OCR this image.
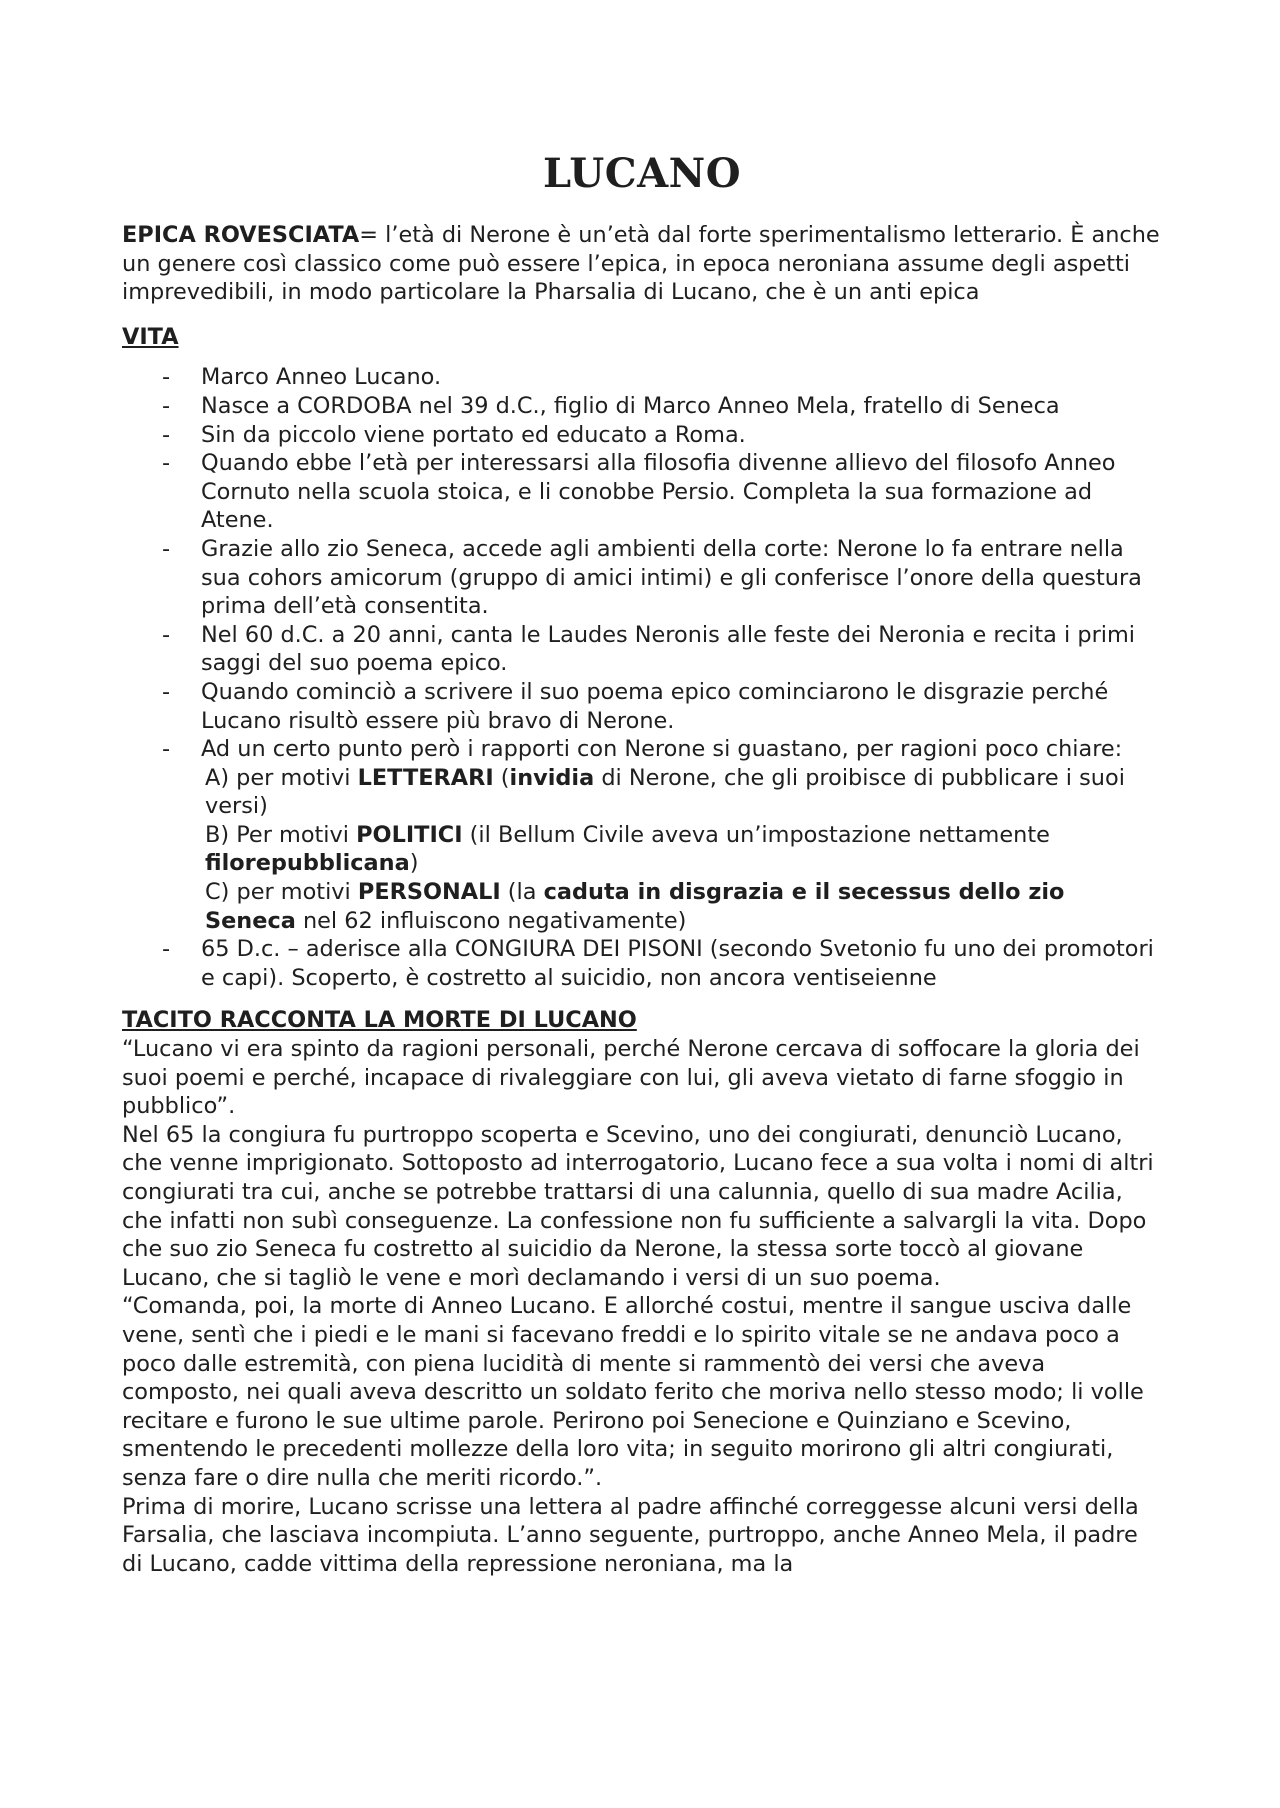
LUCANO

EPICA ROVESCIATA= l’età di Nerone è un’età dal forte sperimentalismo letterario. È anche un genere così classico come può essere l’epica, in epoca neroniana assume degli aspetti imprevedibili, in modo particolare la Pharsalia di Lucano, che è un anti epica

VITA
- Marco Anneo Lucano.
- Nasce a CORDOBA nel 39 d.C., figlio di Marco Anneo Mela, fratello di Seneca
- Sin da piccolo viene portato ed educato a Roma.
- Quando ebbe l’età per interessarsi alla filosofia divenne allievo del filosofo Anneo Cornuto nella scuola stoica, e li conobbe Persio. Completa la sua formazione ad Atene.
- Grazie allo zio Seneca, accede agli ambienti della corte: Nerone lo fa entrare nella sua cohors amicorum (gruppo di amici intimi) e gli conferisce l’onore della questura prima dell’età consentita.
- Nel 60 d.C. a 20 anni, canta le Laudes Neronis alle feste dei Neronia e recita i primi saggi del suo poema epico.
- Quando cominciò a scrivere il suo poema epico cominciarono le disgrazie perché Lucano risultò essere più bravo di Nerone.
- Ad un certo punto però i rapporti con Nerone si guastano, per ragioni poco chiare:
A) per motivi LETTERARI (invidia di Nerone, che gli proibisce di pubblicare i suoi versi)
B) Per motivi POLITICI (il Bellum Civile aveva un’impostazione nettamente filorepubblicana)
C) per motivi PERSONALI (la caduta in disgrazia e il secessus dello zio Seneca nel 62 influiscono negativamente)
- 65 D.c. – aderisce alla CONGIURA DEI PISONI (secondo Svetonio fu uno dei promotori e capi). Scoperto, è costretto al suicidio, non ancora ventiseienne
TACITO RACCONTA LA MORTE DI LUCANO

“Lucano vi era spinto da ragioni personali, perché Nerone cercava di soffocare la gloria dei suoi poemi e perché, incapace di rivaleggiare con lui, gli aveva vietato di farne sfoggio in pubblico”.

Nel 65 la congiura fu purtroppo scoperta e Scevino, uno dei congiurati, denunciò Lucano, che venne imprigionato. Sottoposto ad interrogatorio, Lucano fece a sua volta i nomi di altri congiurati tra cui, anche se potrebbe trattarsi di una calunnia, quello di sua madre Acilia, che infatti non subì conseguenze. La confessione non fu sufficiente a salvargli la vita. Dopo che suo zio Seneca fu costretto al suicidio da Nerone, la stessa sorte toccò al giovane Lucano, che si tagliò le vene e morì declamando i versi di un suo poema.

“Comanda, poi, la morte di Anneo Lucano. E allorché costui, mentre il sangue usciva dalle vene, sentì che i piedi e le mani si facevano freddi e lo spirito vitale se ne andava poco a poco dalle estremità, con piena lucidità di mente si rammentò dei versi che aveva composto, nei quali aveva descritto un soldato ferito che moriva nello stesso modo; li volle recitare e furono le sue ultime parole. Perirono poi Senecione e Quinziano e Scevino, smentendo le precedenti mollezze della loro vita; in seguito morirono gli altri congiurati, senza fare o dire nulla che meriti ricordo.”.

Prima di morire, Lucano scrisse una lettera al padre affinché correggesse alcuni versi della Farsalia, che lasciava incompiuta. L’anno seguente, purtroppo, anche Anneo Mela, il padre di Lucano, cadde vittima della repressione neroniana, ma la
